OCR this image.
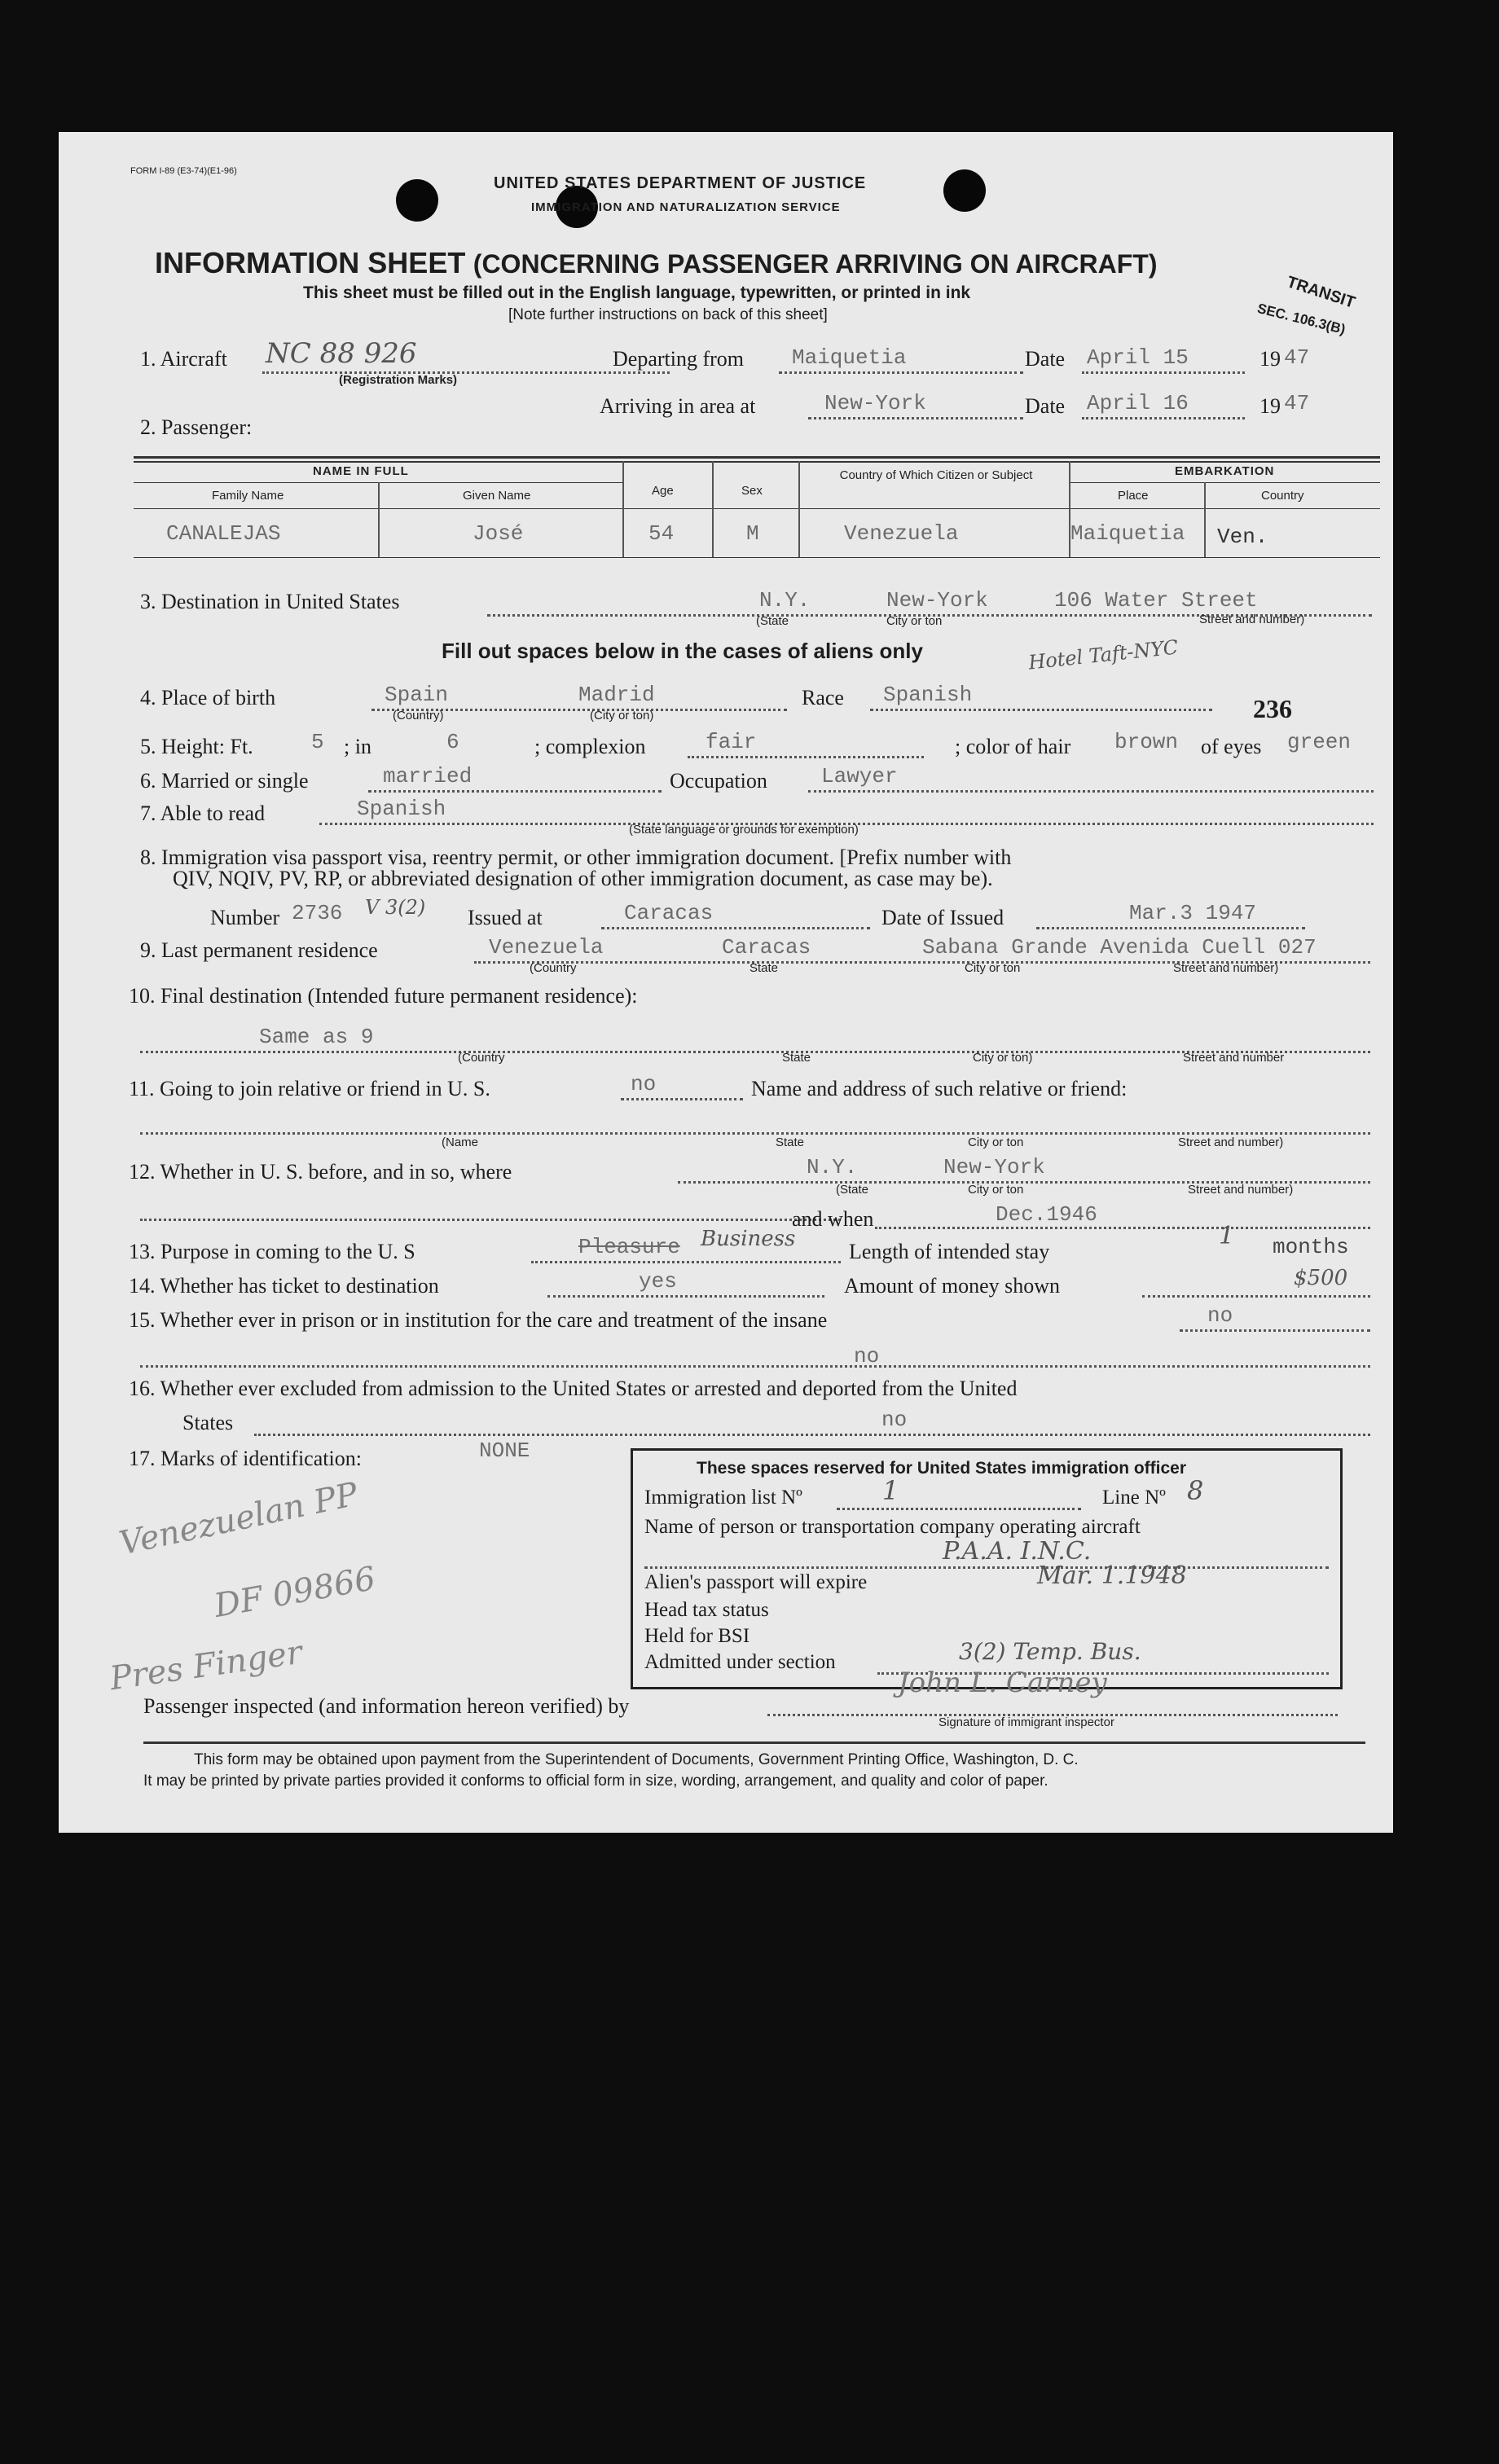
FORM I-89 (E3-74)(E1-96)
UNITED STATES DEPARTMENT OF JUSTICE
IMMIGRATION AND NATURALIZATION SERVICE
INFORMATION SHEET (CONCERNING PASSENGER ARRIVING ON AIRCRAFT)
This sheet must be filled out in the English language, typewritten, or printed in ink
[Note further instructions on back of this sheet]
TRANSIT
SEC. 106.3(B)
1. Aircraft NC 88 926
(Registration Marks)
Departing from Maiquetia	Date April 15	19 47
Arriving in area at	New-York	Date April 16	19 47
2. Passenger:
NAME IN FULL
Family Name	Given Name	Age	Sex
Country of Which Citizen or Subject	EMBARKATION
Place	Country
CANALEJAS	José	54	M	Venezuela	Maiquetia Ven.
3. Destination in United States	N.Y.	New-York	106 Water Street
(State	City or ton	Street and number)
Hotel Taft-NYC
Fill out spaces below in the cases of aliens only
236
4. Place of birth	Spain	Madrid
(Country)	(City or ton)
Race Spanish
5. Height: Ft.	5 ; in	6	; complexion	fair	; color of hair brown of eyes green
6. Married or single	married	Occupation	Lawyer
7. Able to read	Spanish
(State language or grounds for exemption)
8. Immigration visa passport visa, reentry permit, or other immigration document. [Prefix number with
QIV, NQIV, PV, RP, or abbreviated designation of other immigration document, as case may be).
Number 2736 V 3(2) Issued at	Caracas	Date of Issued	Mar.3 1947
9. Last permanent residence	Venezuela	Caracas	Sabana Grande Avenida Cuell 027
(Country	State	City or ton	Street and number)
10. Final destination (Intended future permanent residence):
Same as 9
(Country	State	City or ton)	Street and number
11. Going to join relative or friend in U. S.	no	Name and address of such relative or friend:
(Name	State	City or ton	Street and number)
12. Whether in U. S. before, and in so, where	N.Y.	New-York
(State	City or ton	Street and number)
and when	Dec.1946
13. Purpose in coming to the U. S	Pleasure Business
Length of intended stay
1 months
14. Whether has ticket to destination	yes	Amount of money shown	$500
15. Whether ever in prison or in institution for the care and treatment of the insane	no
no
16. Whether ever excluded from admission to the United States or arrested and deported from the United
States	no
17. Marks of identification:	NONE
Venezuelan PP
DF 09866
Pres Finger
These spaces reserved for United States immigration officer
Immigration list Nº	1	Line Nº 8
Name of person or transportation company operating aircraft
P.A.A. I.N.C.
Alien's passport will expire	Mar. 1.1948
Head tax status
Held for BSI
Admitted under section	3(2) Temp. Bus.
Passenger inspected (and information hereon verified) by
John L. Carney
Signature of immigrant inspector
This form may be obtained upon payment from the Superintendent of Documents, Government Printing Office, Washington, D. C.
It may be printed by private parties provided it conforms to official form in size, wording, arrangement, and quality and color of paper.
